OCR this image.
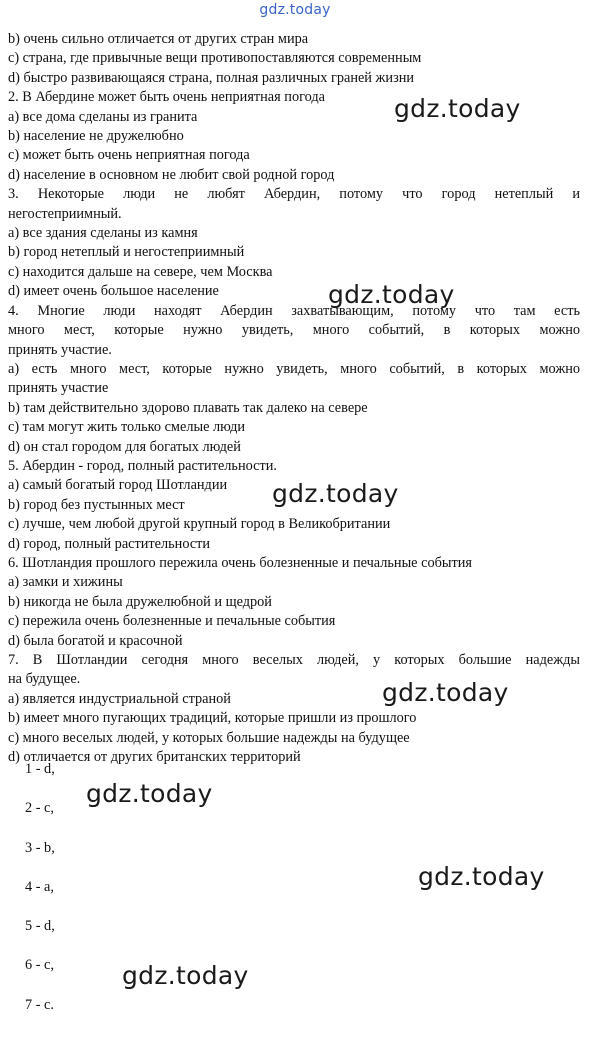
gdz.today
b) очень сильно отличается от других стран мира
c) страна, где привычные вещи противопоставляются современным
d) быстро развивающаяся страна, полная различных граней жизни
2. В Абердине может быть очень неприятная погода
a) все дома сделаны из гранита
b) население не дружелюбно
c) может быть очень неприятная погода
d) население в основном не любит свой родной город
3. Некоторые люди не любят Абердин, потому что город нетеплый и
негостеприимный.
a) все здания сделаны из камня
b) город нетеплый и негостеприимный
c) находится дальше на севере, чем Москва
d) имеет очень большое население
4. Многие люди находят Абердин захватывающим, потому что там есть
много мест, которые нужно увидеть, много событий, в которых можно
принять участие.
a) есть много мест, которые нужно увидеть, много событий, в которых можно
принять участие
b) там действительно здорово плавать так далеко на севере
c) там могут жить только смелые люди
d) он стал городом для богатых людей
5. Абердин - город, полный растительности.
a) самый богатый город Шотландии
b) город без пустынных мест
c) лучше, чем любой другой крупный город в Великобритании
d) город, полный растительности
6. Шотландия прошлого пережила очень болезненные и печальные события
a) замки и хижины
b) никогда не была дружелюбной и щедрой
c) пережила очень болезненные и печальные события
d) была богатой и красочной
7. В Шотландии сегодня много веселых людей, у которых большие надежды
на будущее.
a) является индустриальной страной
b) имеет много пугающих традиций, которые пришли из прошлого
c) много веселых людей, у которых большие надежды на будущее
d) отличается от других британских территорий
1 - d,
2 - c,
3 - b,
4 - a,
5 - d,
6 - c,
7 - c.
gdz.today
gdz.today
gdz.today
gdz.today
gdz.today
gdz.today
gdz.today
